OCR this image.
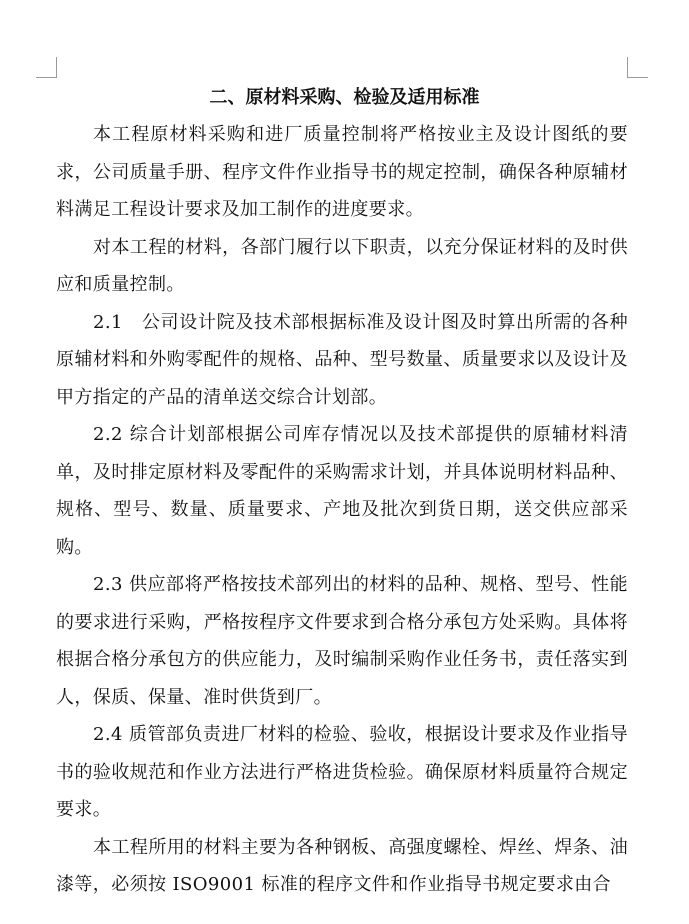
二、原材料采购、检验及适用标准

本工程原材料采购和进厂质量控制将严格按业主及设计图纸的要求，公司质量手册、程序文件作业指导书的规定控制，确保各种原辅材料满足工程设计要求及加工制作的进度要求。

对本工程的材料，各部门履行以下职责，以充分保证材料的及时供应和质量控制。

2.1　公司设计院及技术部根据标准及设计图及时算出所需的各种原辅材料和外购零配件的规格、品种、型号数量、质量要求以及设计及甲方指定的产品的清单送交综合计划部。

2.2 综合计划部根据公司库存情况以及技术部提供的原辅材料清单，及时排定原材料及零配件的采购需求计划，并具体说明材料品种、规格、型号、数量、质量要求、产地及批次到货日期，送交供应部采购。

2.3 供应部将严格按技术部列出的材料的品种、规格、型号、性能的要求进行采购，严格按程序文件要求到合格分承包方处采购。具体将根据合格分承包方的供应能力，及时编制采购作业任务书，责任落实到人，保质、保量、准时供货到厂。

2.4 质管部负责进厂材料的检验、验收，根据设计要求及作业指导书的验收规范和作业方法进行严格进货检验。确保原材料质量符合规定要求。

本工程所用的材料主要为各种钢板、高强度螺栓、焊丝、焊条、油漆等，必须按 ISO9001 标准的程序文件和作业指导书规定要求由合
